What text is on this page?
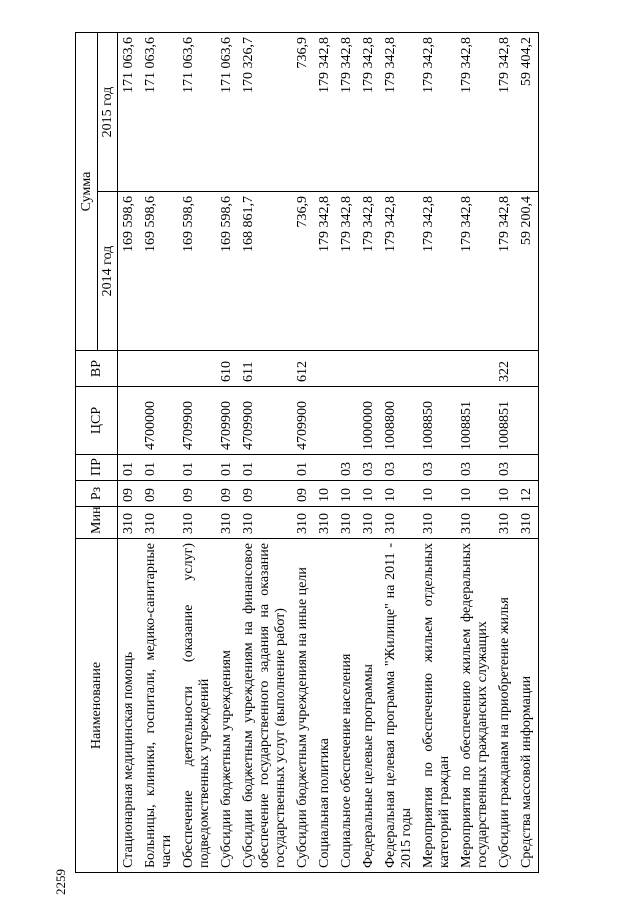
2259
Наименование	Мин	Рз	ПР	ЦСР	ВР	Сумма	
						2014 год	2015 год
Стационарная медицинская помощь	310	09	01			169 598,6	171 063,6
Больницы, клиники, госпитали, медико-санитарные части	310	09	01	4700000		169 598,6	171 063,6
Обеспечение деятельности (оказание услуг) подведомственных учреждений	310	09	01	4709900		169 598,6	171 063,6
Субсидии бюджетным учреждениям	310	09	01	4709900	610	169 598,6	171 063,6
Субсидии бюджетным учреждениям на финансовое обеспечение государственного задания на оказание государственных услуг (выполнение работ)	310	09	01	4709900	611	168 861,7	170 326,7
Субсидии бюджетным учреждениям на иные цели	310	09	01	4709900	612	736,9	736,9
Социальная политика	310	10				179 342,8	179 342,8
Социальное обеспечение населения	310	10	03			179 342,8	179 342,8
Федеральные целевые программы	310	10	03	1000000		179 342,8	179 342,8
Федеральная целевая программа "Жилище" на 2011 - 2015 годы	310	10	03	1008800		179 342,8	179 342,8
Мероприятия по обеспечению жильем отдельных категорий граждан	310	10	03	1008850		179 342,8	179 342,8
Мероприятия по обеспечению жильем федеральных государственных гражданских служащих	310	10	03	1008851		179 342,8	179 342,8
Субсидии гражданам на приобретение жилья	310	10	03	1008851	322	179 342,8	179 342,8
Средства массовой информации	310	12				59 200,4	59 404,2
